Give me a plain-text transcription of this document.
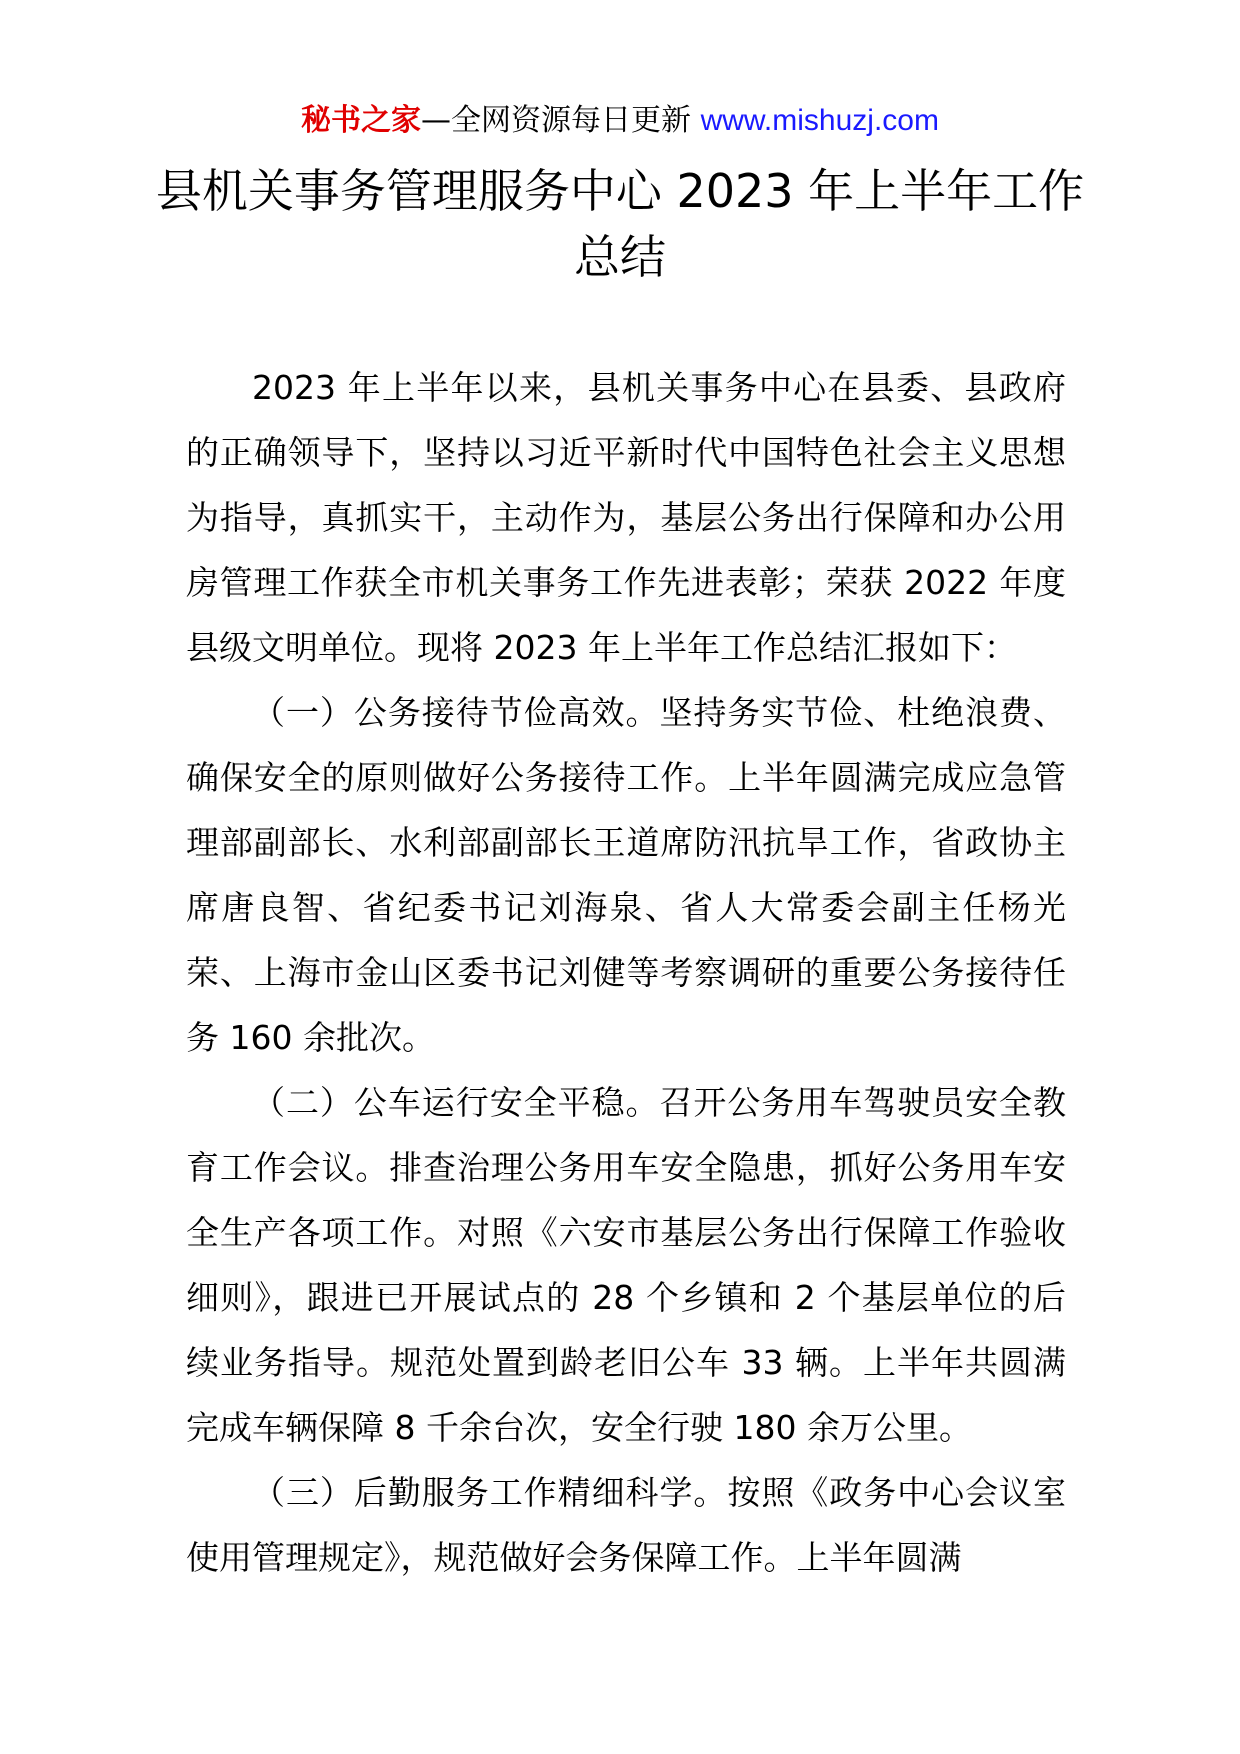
秘书之家—全网资源每日更新 www.mishuzj.com
县机关事务管理服务中心 2023 年上半年工作总结

2023 年上半年以来，县机关事务中心在县委、县政府的正确领导下，坚持以习近平新时代中国特色社会主义思想为指导，真抓实干，主动作为，基层公务出行保障和办公用房管理工作获全市机关事务工作先进表彰；荣获 2022 年度县级文明单位。现将 2023 年上半年工作总结汇报如下：

（一）公务接待节俭高效。坚持务实节俭、杜绝浪费、确保安全的原则做好公务接待工作。上半年圆满完成应急管理部副部长、水利部副部长王道席防汛抗旱工作，省政协主席唐良智、省纪委书记刘海泉、省人大常委会副主任杨光荣、上海市金山区委书记刘健等考察调研的重要公务接待任务 160 余批次。

（二）公车运行安全平稳。召开公务用车驾驶员安全教育工作会议。排查治理公务用车安全隐患，抓好公务用车安全生产各项工作。对照《六安市基层公务出行保障工作验收细则》，跟进已开展试点的 28 个乡镇和 2 个基层单位的后续业务指导。规范处置到龄老旧公车 33 辆。上半年共圆满完成车辆保障 8 千余台次，安全行驶 180 余万公里。

（三）后勤服务工作精细科学。按照《政务中心会议室使用管理规定》，规范做好会务保障工作。上半年圆满
